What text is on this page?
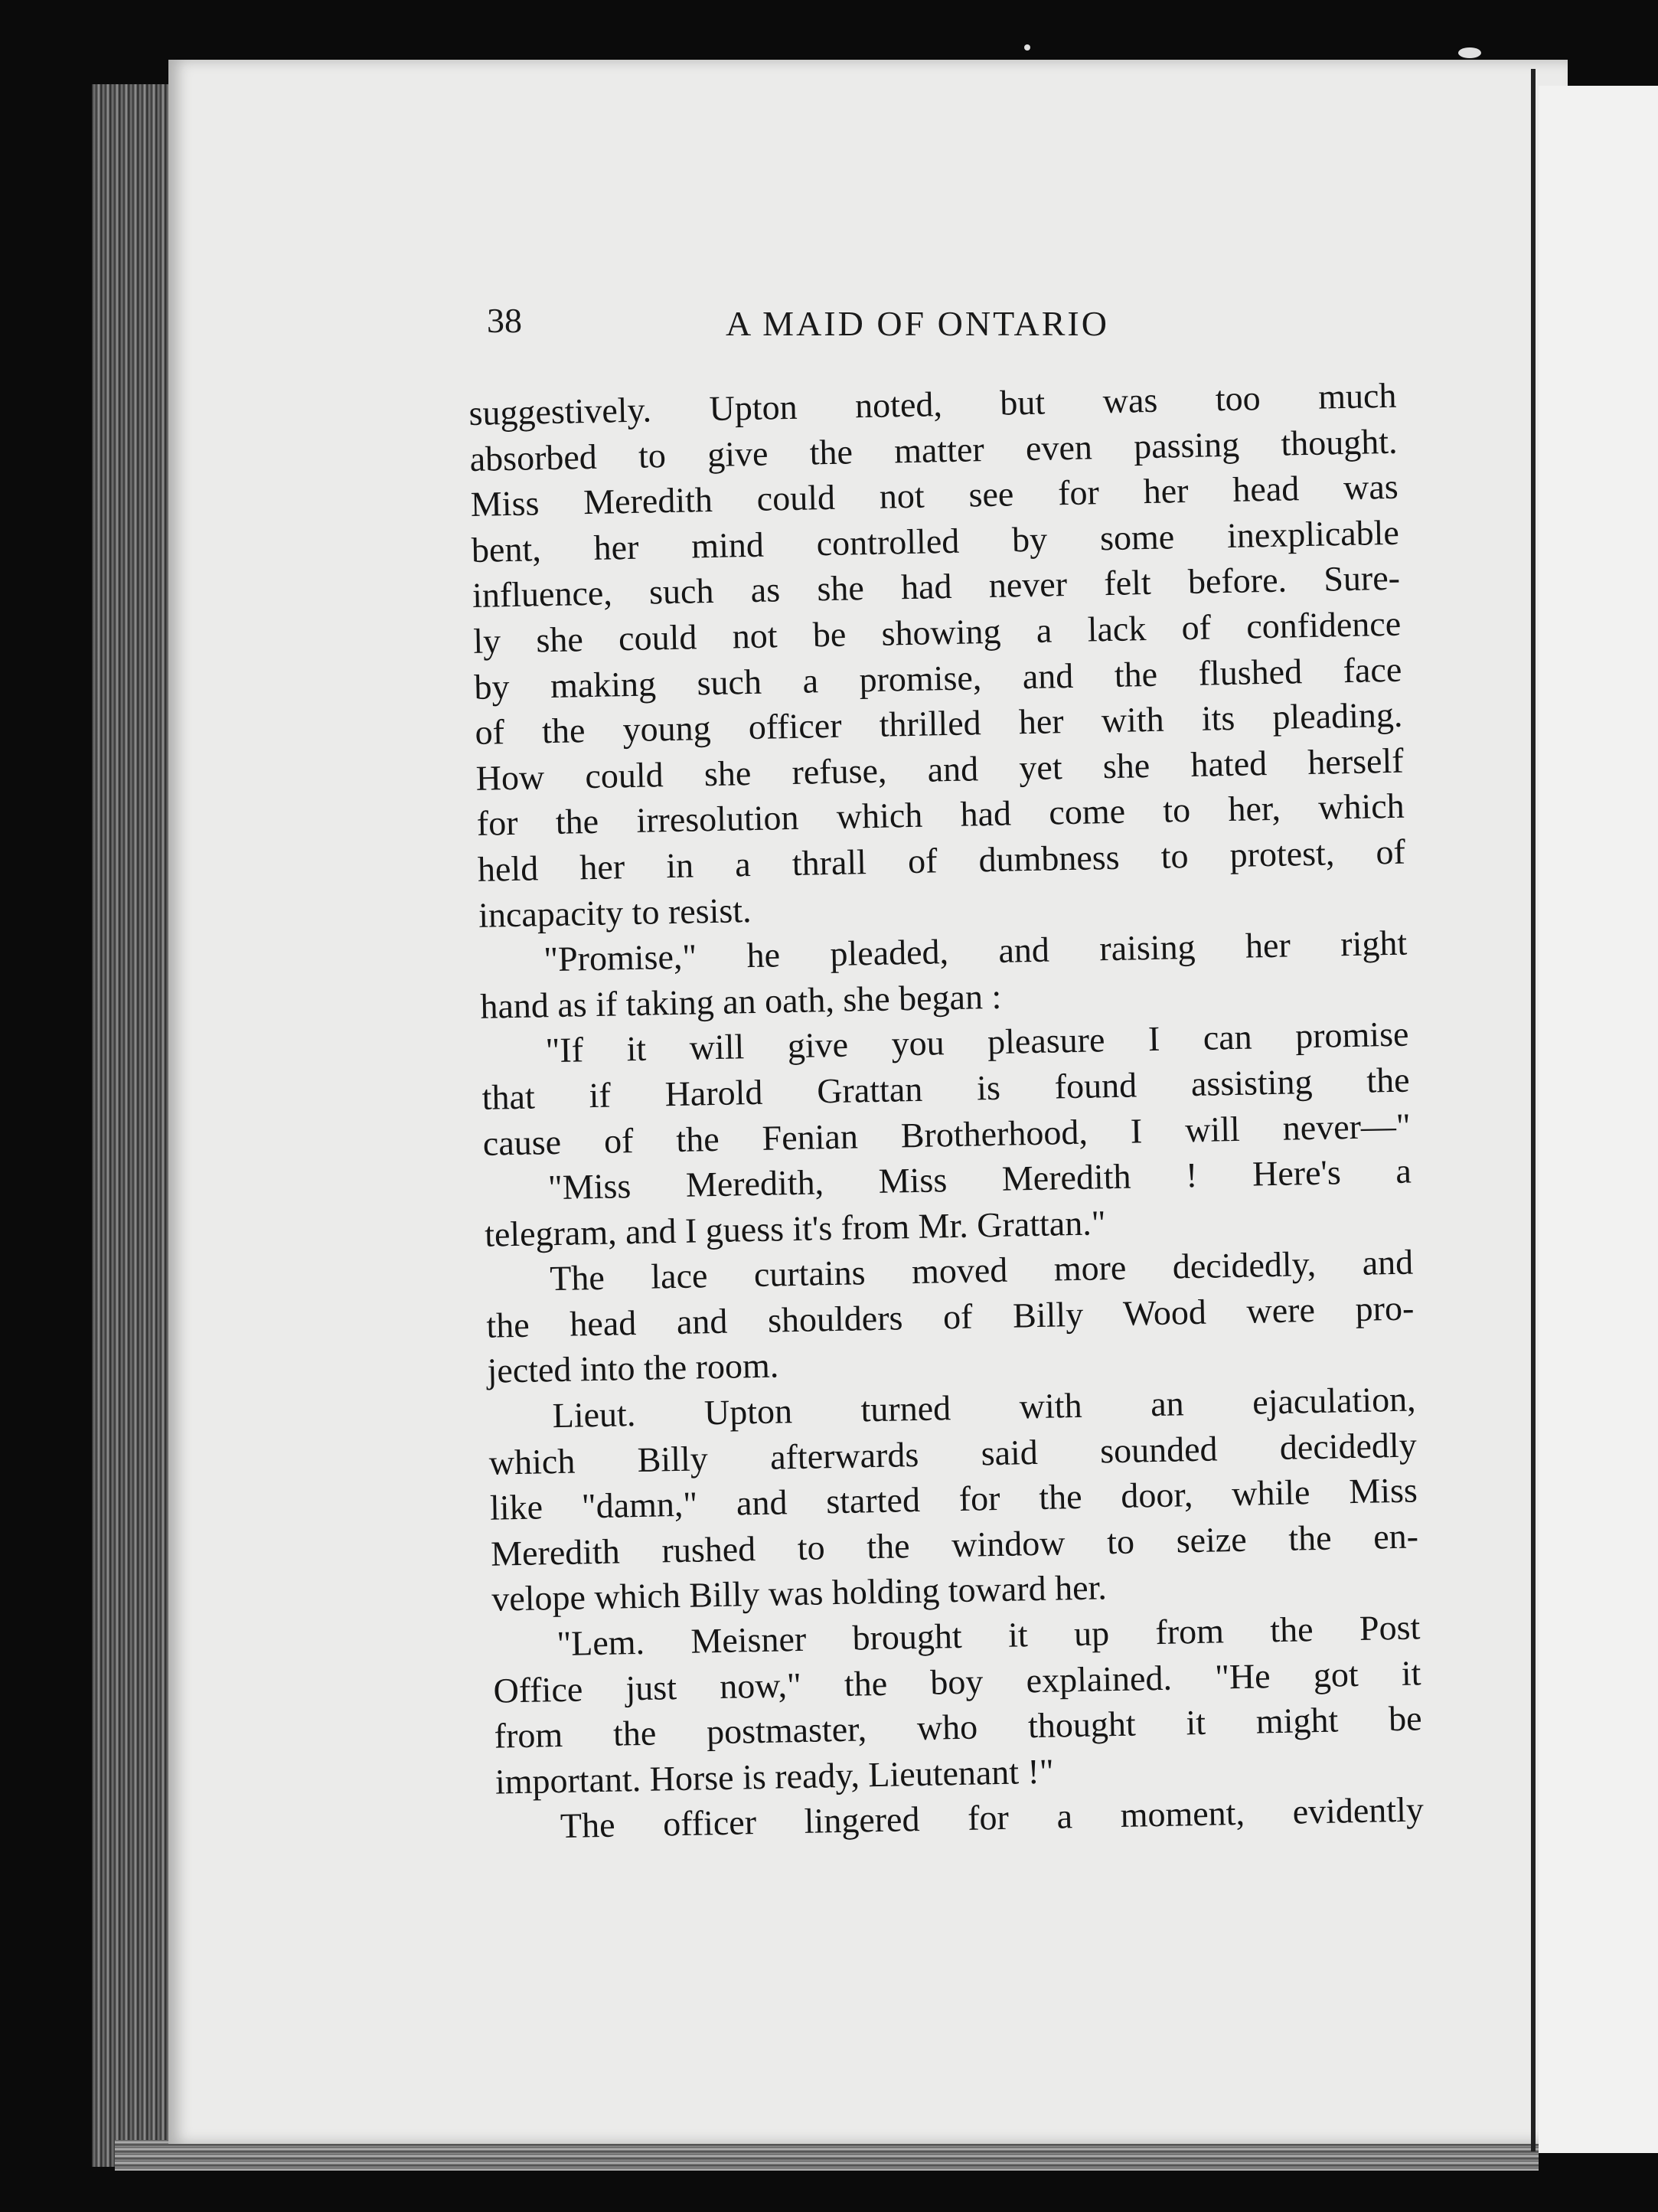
38	A MAID OF ONTARIO
suggestively. Upton noted, but was too much
absorbed to give the matter even passing thought.
Miss Meredith could not see for her head was
bent, her mind controlled by some inexplicable
influence, such as she had never felt before. Sure-
ly she could not be showing a lack of confidence
by making such a promise, and the flushed face
of the young officer thrilled her with its pleading.
How could she refuse, and yet she hated herself
for the irresolution which had come to her, which
held her in a thrall of dumbness to protest, of
incapacity to resist.
"Promise," he pleaded, and raising her right
hand as if taking an oath, she began :
"If it will give you pleasure I can promise
that if Harold Grattan is found assisting the
cause of the Fenian Brotherhood, I will never—"
"Miss Meredith, Miss Meredith ! Here's a
telegram, and I guess it's from Mr. Grattan."
The lace curtains moved more decidedly, and
the head and shoulders of Billy Wood were pro-
jected into the room.
Lieut. Upton turned with an ejaculation,
which Billy afterwards said sounded decidedly
like "damn," and started for the door, while Miss
Meredith rushed to the window to seize the en-
velope which Billy was holding toward her.
"Lem. Meisner brought it up from the Post
Office just now," the boy explained. "He got it
from the postmaster, who thought it might be
important. Horse is ready, Lieutenant !"
The officer lingered for a moment, evidently
